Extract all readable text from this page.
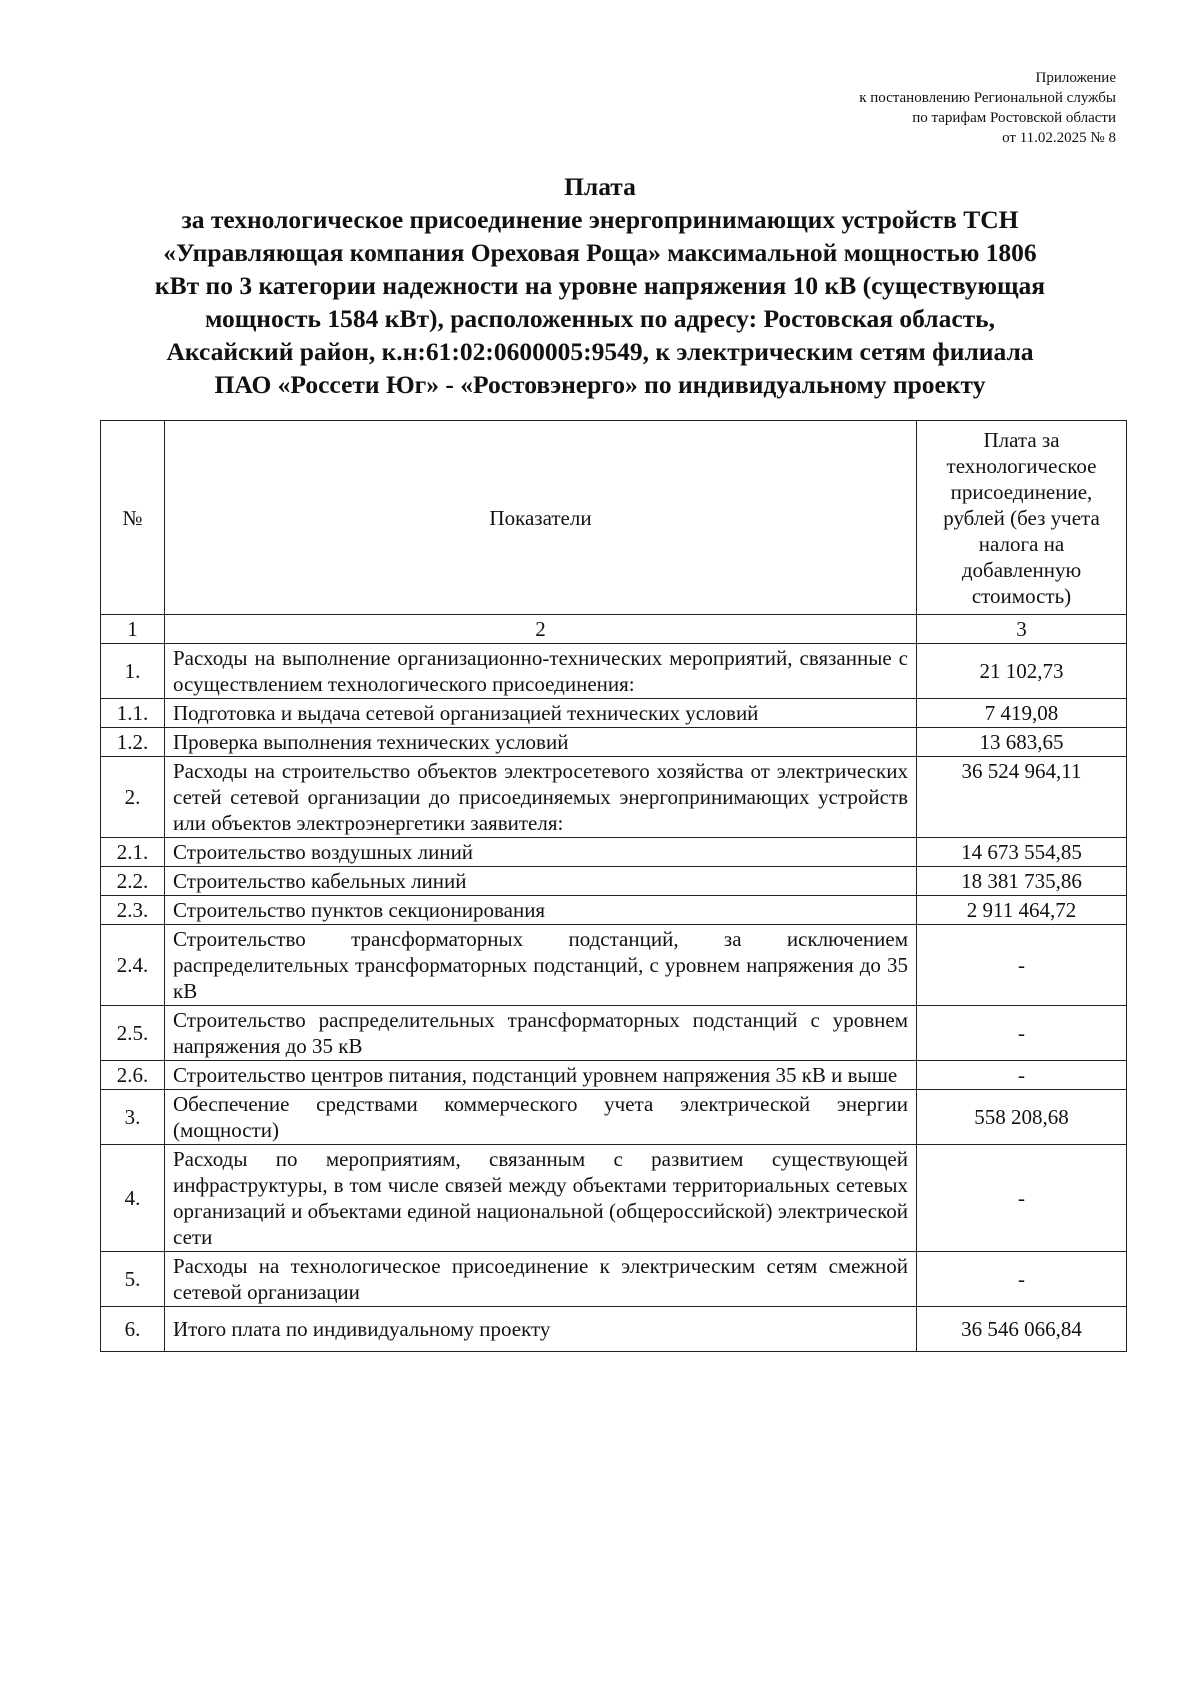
Приложение
к постановлению Региональной службы
по тарифам Ростовской области
от 11.02.2025 № 8
Плата
за технологическое присоединение энергопринимающих устройств ТСН
«Управляющая компания Ореховая Роща» максимальной мощностью 1806
кВт по 3 категории надежности на уровне напряжения 10 кВ (существующая
мощность 1584 кВт), расположенных по адресу: Ростовская область,
Аксайский район, к.н:61:02:0600005:9549, к электрическим сетям филиала
ПАО «Россети Юг» - «Ростовэнерго» по индивидуальному проекту
№	Показатели	Плата за технологическое присоединение, рублей (без учета налога на добавленную стоимость)
1	2	3
1.	Расходы на выполнение организационно-технических мероприятий, связанные с осуществлением технологического присоединения:	21 102,73
1.1.	Подготовка и выдача сетевой организацией технических условий	7 419,08
1.2.	Проверка выполнения технических условий	13 683,65
2.	Расходы на строительство объектов электросетевого хозяйства от электрических сетей сетевой организации до присоединяемых энергопринимающих устройств или объектов электроэнергетики заявителя:	36 524 964,11
2.1.	Строительство воздушных линий	14 673 554,85
2.2.	Строительство кабельных линий	18 381 735,86
2.3.	Строительство пунктов секционирования	2 911 464,72
2.4.	Строительство трансформаторных подстанций, за исключением распределительных трансформаторных подстанций, с уровнем напряжения до 35 кВ	-
2.5.	Строительство распределительных трансформаторных подстанций с уровнем напряжения до 35 кВ	-
2.6.	Строительство центров питания, подстанций уровнем напряжения 35 кВ и выше	-
3.	Обеспечение средствами коммерческого учета электрической энергии (мощности)	558 208,68
4.	Расходы по мероприятиям, связанным с развитием существующей инфраструктуры, в том числе связей между объектами территориальных сетевых организаций и объектами единой национальной (общероссийской) электрической сети	-
5.	Расходы на технологическое присоединение к электрическим сетям смежной сетевой организации	-
6.	Итого плата по индивидуальному проекту	36 546 066,84
